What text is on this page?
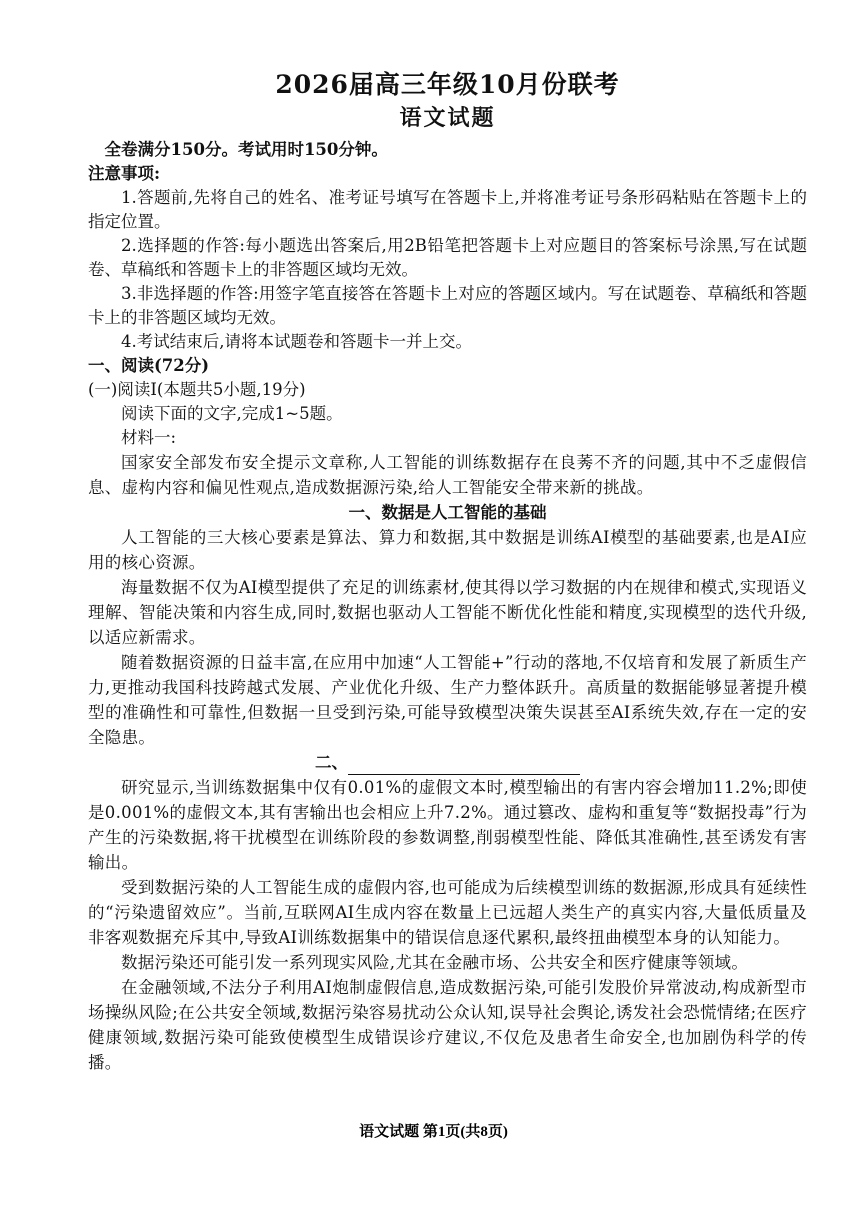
2026届高三年级10月份联考
语文试题

全卷满分150分。考试用时150分钟。

注意事项:

1.答题前,先将自己的姓名、准考证号填写在答题卡上,并将准考证号条形码粘贴在答题卡上的指定位置。

2.选择题的作答:每小题选出答案后,用2B铅笔把答题卡上对应题目的答案标号涂黑,写在试题卷、草稿纸和答题卡上的非答题区域均无效。

3.非选择题的作答:用签字笔直接答在答题卡上对应的答题区域内。写在试题卷、草稿纸和答题卡上的非答题区域均无效。

4.考试结束后,请将本试题卷和答题卡一并上交。

一、阅读(72分)

(一)阅读Ⅰ(本题共5小题,19分)

阅读下面的文字,完成1~5题。

材料一:

国家安全部发布安全提示文章称,人工智能的训练数据存在良莠不齐的问题,其中不乏虚假信息、虚构内容和偏见性观点,造成数据源污染,给人工智能安全带来新的挑战。

一、数据是人工智能的基础

人工智能的三大核心要素是算法、算力和数据,其中数据是训练AI模型的基础要素,也是AI应用的核心资源。

海量数据不仅为AI模型提供了充足的训练素材,使其得以学习数据的内在规律和模式,实现语义理解、智能决策和内容生成,同时,数据也驱动人工智能不断优化性能和精度,实现模型的迭代升级,以适应新需求。

随着数据资源的日益丰富,在应用中加速“人工智能+”行动的落地,不仅培育和发展了新质生产力,更推动我国科技跨越式发展、产业优化升级、生产力整体跃升。高质量的数据能够显著提升模型的准确性和可靠性,但数据一旦受到污染,可能导致模型决策失误甚至AI系统失效,存在一定的安全隐患。

二、

研究显示,当训练数据集中仅有0.01%的虚假文本时,模型输出的有害内容会增加11.2%;即使是0.001%的虚假文本,其有害输出也会相应上升7.2%。通过篡改、虚构和重复等“数据投毒”行为产生的污染数据,将干扰模型在训练阶段的参数调整,削弱模型性能、降低其准确性,甚至诱发有害输出。

受到数据污染的人工智能生成的虚假内容,也可能成为后续模型训练的数据源,形成具有延续性的“污染遗留效应”。当前,互联网AI生成内容在数量上已远超人类生产的真实内容,大量低质量及非客观数据充斥其中,导致AI训练数据集中的错误信息逐代累积,最终扭曲模型本身的认知能力。

数据污染还可能引发一系列现实风险,尤其在金融市场、公共安全和医疗健康等领域。

在金融领域,不法分子利用AI炮制虚假信息,造成数据污染,可能引发股价异常波动,构成新型市场操纵风险;在公共安全领域,数据污染容易扰动公众认知,误导社会舆论,诱发社会恐慌情绪;在医疗健康领域,数据污染可能致使模型生成错误诊疗建议,不仅危及患者生命安全,也加剧伪科学的传播。

语文试题 第1页(共8页)
